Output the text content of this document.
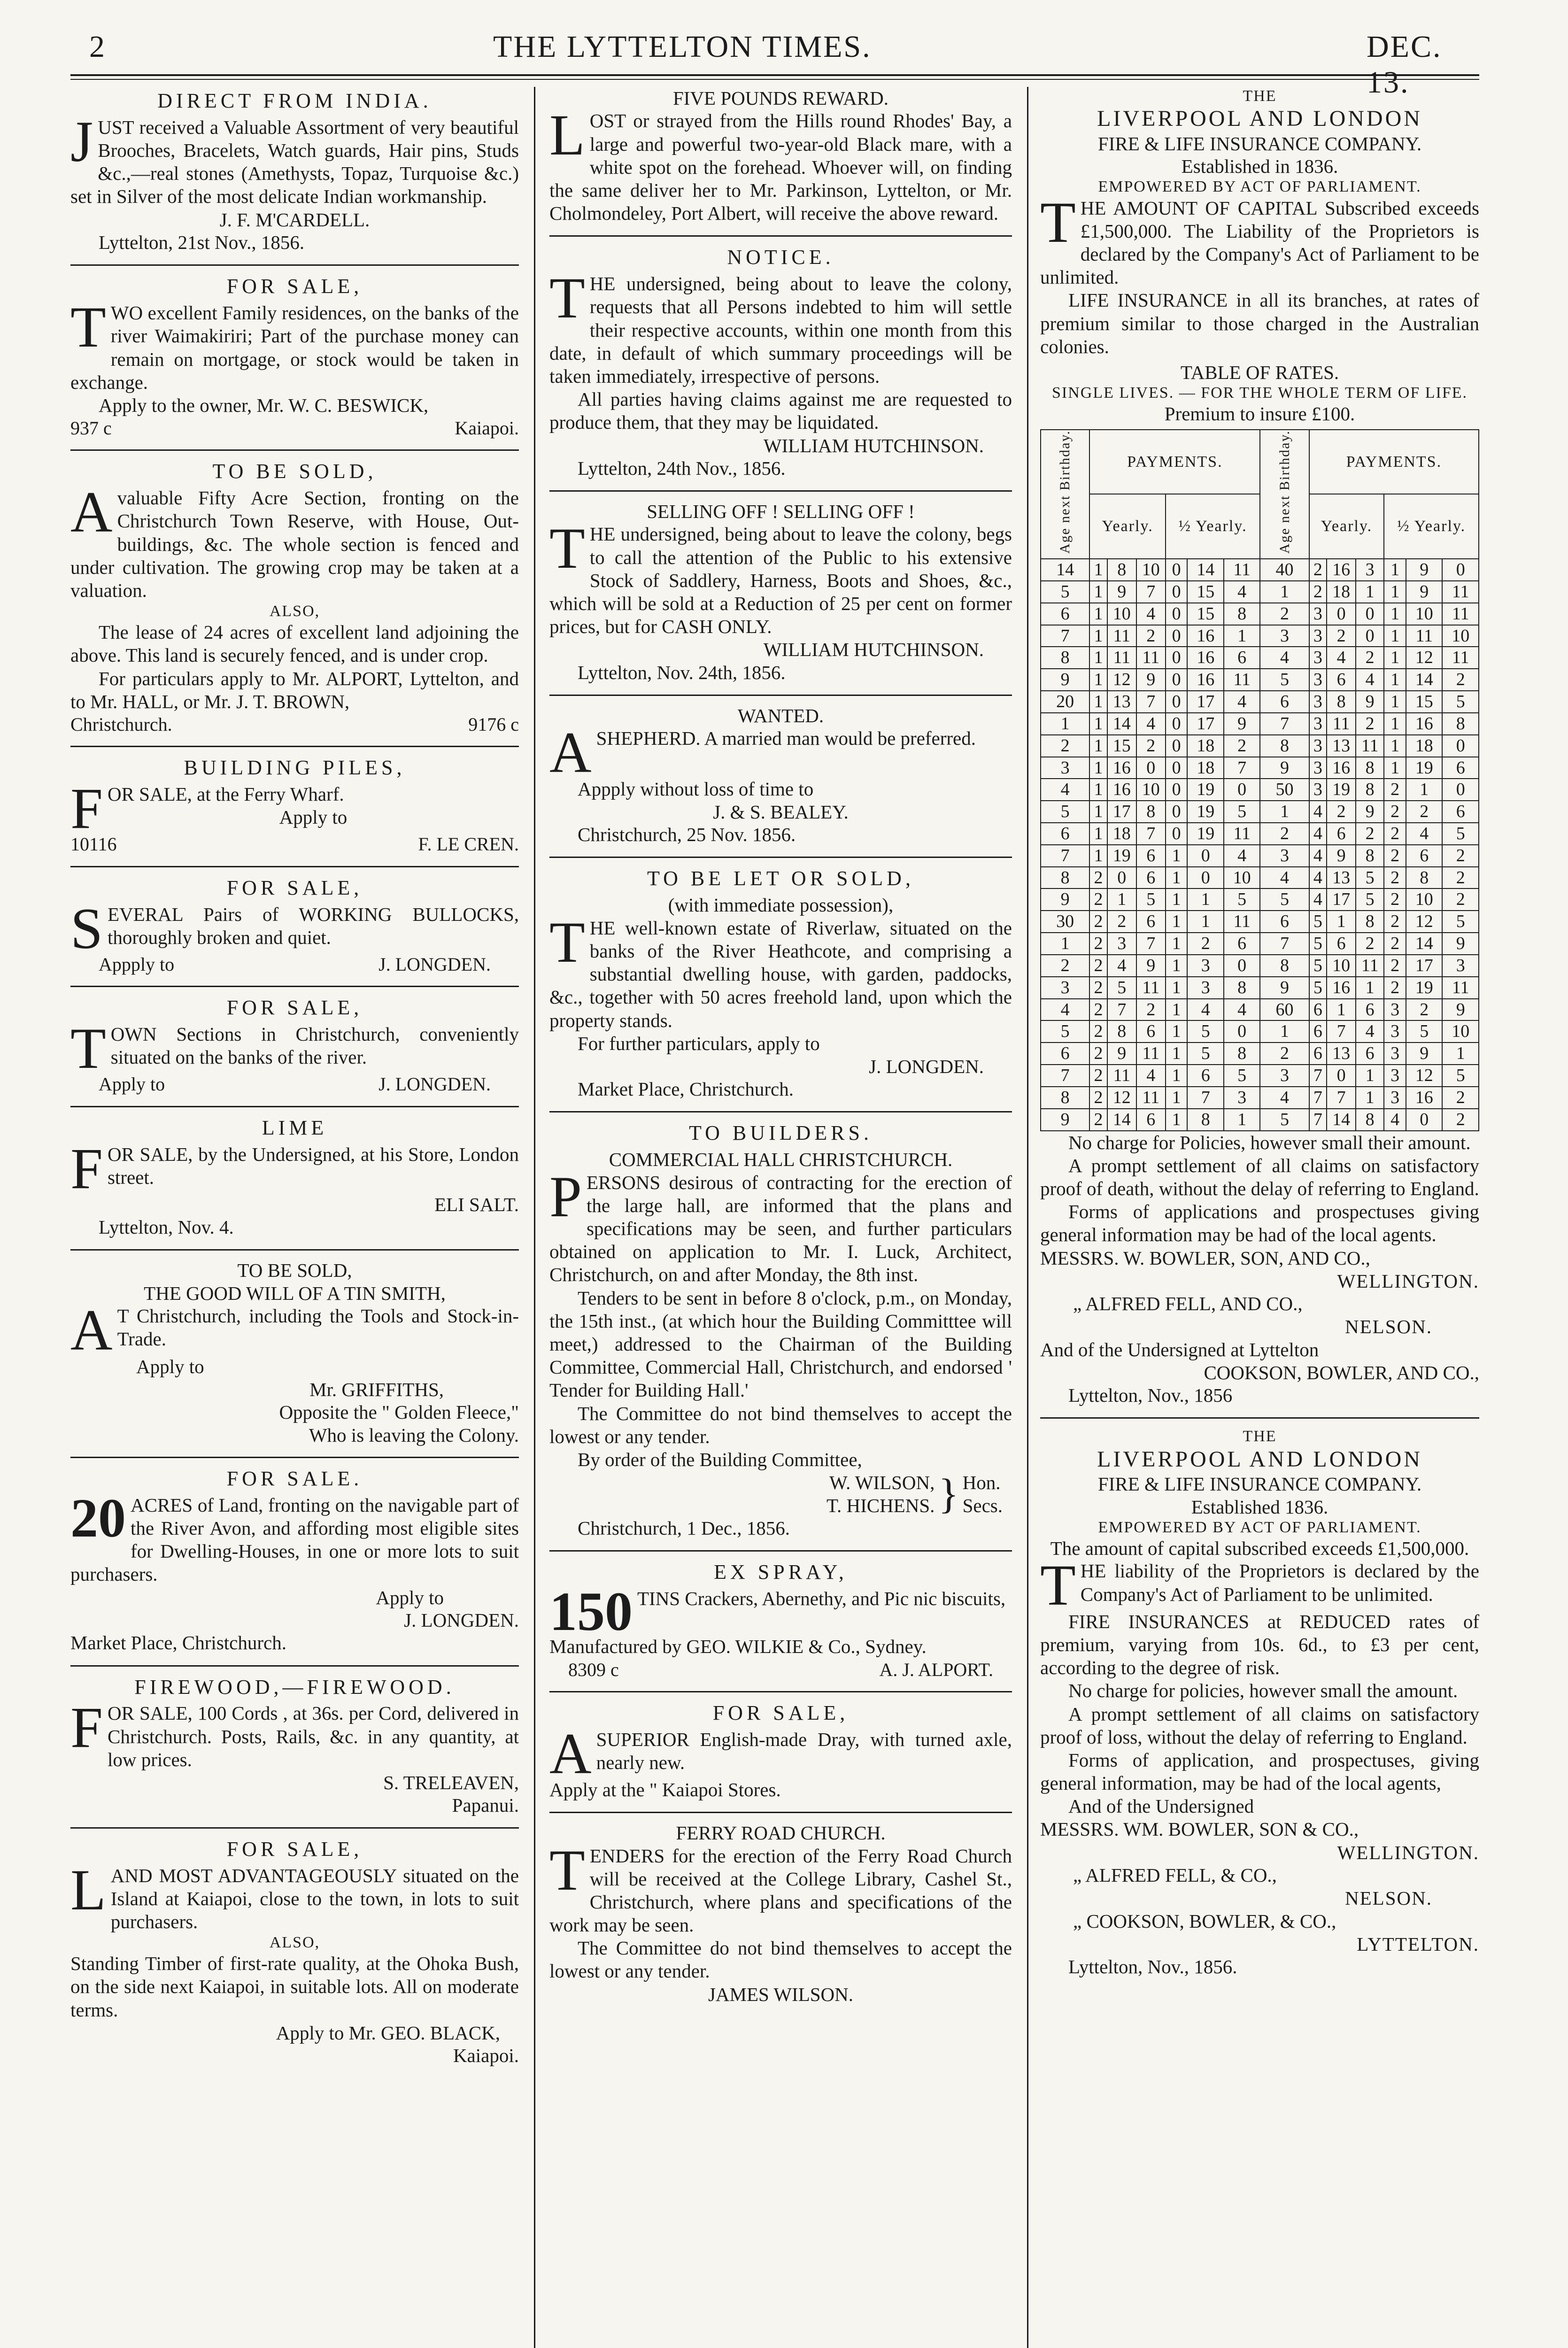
2	THE LYTTELTON TIMES.	DEC. 13.
DIRECT FROM INDIA.

JUST received a Valuable Assortment of very beautiful Brooches, Bracelets, Watch guards, Hair pins, Studs &c.,—real stones (Amethysts, Topaz, Turquoise &c.) set in Silver of the most delicate Indian workmanship.

J. F. M'CARDELL.
Lyttelton, 21st Nov., 1856.
FOR SALE,

TWO excellent Family residences, on the banks of the river Waimakiriri; Part of the purchase money can remain on mortgage, or stock would be taken in exchange.

Apply to the owner, Mr. W. C. BESWICK,
937 c	Kaiapoi.
TO BE SOLD,

Avaluable Fifty Acre Section, fronting on the Christchurch Town Reserve, with House, Out-buildings, &c. The whole section is fenced and under cultivation. The growing crop may be taken at a valuation.

ALSO,

The lease of 24 acres of excellent land adjoining the above. This land is securely fenced, and is under crop.

For particulars apply to Mr. ALPORT, Lyttelton, and to Mr. HALL, or Mr. J. T. BROWN,

Christchurch.	9176 c
BUILDING PILES,

FOR SALE, at the Ferry Wharf.

Apply to
10116	F. LE CREN.
FOR SALE,

SEVERAL Pairs of WORKING BULLOCKS, thoroughly broken and quiet.

Appply to	J. LONGDEN.
FOR SALE,

TOWN Sections in Christchurch, conveniently situated on the banks of the river.

Apply to	J. LONGDEN.
LIME

FOR SALE, by the Undersigned, at his Store, London street.

ELI SALT.
Lyttelton, Nov. 4.
TO BE SOLD,
THE GOOD WILL OF A TIN SMITH,

A T Christchurch, including the Tools and Stock-in-Trade.

Apply to
Mr. GRIFFITHS,
Opposite the " Golden Fleece,"
Who is leaving the Colony.
FOR SALE.

20 ACRES of Land, fronting on the navigable part of the River Avon, and affording most eligible sites for Dwelling-Houses, in one or more lots to suit purchasers.

Apply to
J. LONGDEN.
Market Place, Christchurch.
FIREWOOD,—FIREWOOD.

FOR SALE, 100 Cords , at 36s. per Cord, delivered in Christchurch. Posts, Rails, &c. in any quantity, at low prices.

S. TRELEAVEN,
Papanui.
FOR SALE,

LAND MOST ADVANTAGEOUSLY situated on the Island at Kaiapoi, close to the town, in lots to suit purchasers.

ALSO,

Standing Timber of first-rate quality, at the Ohoka Bush, on the side next Kaiapoi, in suitable lots. All on moderate terms.

Apply to Mr. GEO. BLACK,
Kaiapoi.
FIVE POUNDS REWARD.

LOST or strayed from the Hills round Rhodes' Bay, a large and powerful two-year-old Black mare, with a white spot on the forehead. Whoever will, on finding the same deliver her to Mr. Parkinson, Lyttelton, or Mr. Cholmondeley, Port Albert, will receive the above reward.

NOTICE.

THE undersigned, being about to leave the colony, requests that all Persons indebted to him will settle their respective accounts, within one month from this date, in default of which summary proceedings will be taken immediately, irrespective of persons.

All parties having claims against me are requested to produce them, that they may be liquidated.

WILLIAM HUTCHINSON.
Lyttelton, 24th Nov., 1856.
SELLING OFF ! SELLING OFF !

THE undersigned, being about to leave the colony, begs to call the attention of the Public to his extensive Stock of Saddlery, Harness, Boots and Shoes, &c., which will be sold at a Reduction of 25 per cent on former prices, but for CASH ONLY.

WILLIAM HUTCHINSON.
Lyttelton, Nov. 24th, 1856.
WANTED.

ASHEPHERD. A married man would be preferred.

Appply without loss of time to
J. & S. BEALEY.
Christchurch, 25 Nov. 1856.
TO BE LET OR SOLD,
(with immediate possession),

THE well-known estate of Riverlaw, situated on the banks of the River Heathcote, and comprising a substantial dwelling house, with garden, paddocks, &c., together with 50 acres freehold land, upon which the property stands.

For further particulars, apply to
J. LONGDEN.
Market Place, Christchurch.
TO BUILDERS.
COMMERCIAL HALL CHRISTCHURCH.

PERSONS desirous of contracting for the erection of the large hall, are informed that the plans and specifications may be seen, and further particulars obtained on application to Mr. I. Luck, Architect, Christchurch, on and after Monday, the 8th inst.

Tenders to be sent in before 8 o'clock, p.m., on Monday, the 15th inst., (at which hour the Building Committtee will meet,) addressed to the Chairman of the Building Committee, Commercial Hall, Christchurch, and endorsed ' Tender for Building Hall.'

The Committee do not bind themselves to accept the lowest or any tender.

By order of the Building Committee,

W. WILSON,
T. HICHENS. } Hon.
Secs.
Christchurch, 1 Dec., 1856.
EX SPRAY,

150 TINS Crackers, Abernethy, and Pic nic biscuits,

Manufactured by GEO. WILKIE & Co., Sydney.

8309 c	A. J. ALPORT.
FOR SALE,

ASUPERIOR English-made Dray, with turned axle, nearly new.

Apply at the " Kaiapoi Stores.
FERRY ROAD CHURCH.

TENDERS for the erection of the Ferry Road Church will be received at the College Library, Cashel St., Christchurch, where plans and specifications of the work may be seen.

The Committee do not bind themselves to accept the lowest or any tender.

JAMES WILSON.
THE
LIVERPOOL AND LONDON
FIRE & LIFE INSURANCE COMPANY.
Established in 1836.
EMPOWERED BY ACT OF PARLIAMENT.

THE AMOUNT OF CAPITAL Subscribed exceeds £1,500,000. The Liability of the Proprietors is declared by the Company's Act of Parliament to be unlimited.

LIFE INSURANCE in all its branches, at rates of premium similar to those charged in the Australian colonies.

TABLE OF RATES.
SINGLE LIVES. — FOR THE WHOLE TERM OF LIFE.
Premium to insure £100.
Age next Birthday.	PAYMENTS.						Age next Birthday.	PAYMENTS.					
	Yearly.			½ Yearly.				Yearly.			½ Yearly.		
14	1	8	10	0	14	11	40	2	16	3	1	9	0
5	1	9	7	0	15	4	1	2	18	1	1	9	11
6	1	10	4	0	15	8	2	3	0	0	1	10	11
7	1	11	2	0	16	1	3	3	2	0	1	11	10
8	1	11	11	0	16	6	4	3	4	2	1	12	11
9	1	12	9	0	16	11	5	3	6	4	1	14	2
20	1	13	7	0	17	4	6	3	8	9	1	15	5
1	1	14	4	0	17	9	7	3	11	2	1	16	8
2	1	15	2	0	18	2	8	3	13	11	1	18	0
3	1	16	0	0	18	7	9	3	16	8	1	19	6
4	1	16	10	0	19	0	50	3	19	8	2	1	0
5	1	17	8	0	19	5	1	4	2	9	2	2	6
6	1	18	7	0	19	11	2	4	6	2	2	4	5
7	1	19	6	1	0	4	3	4	9	8	2	6	2
8	2	0	6	1	0	10	4	4	13	5	2	8	2
9	2	1	5	1	1	5	5	4	17	5	2	10	2
30	2	2	6	1	1	11	6	5	1	8	2	12	5
1	2	3	7	1	2	6	7	5	6	2	2	14	9
2	2	4	9	1	3	0	8	5	10	11	2	17	3
3	2	5	11	1	3	8	9	5	16	1	2	19	11
4	2	7	2	1	4	4	60	6	1	6	3	2	9
5	2	8	6	1	5	0	1	6	7	4	3	5	10
6	2	9	11	1	5	8	2	6	13	6	3	9	1
7	2	11	4	1	6	5	3	7	0	1	3	12	5
8	2	12	11	1	7	3	4	7	7	1	3	16	2
9	2	14	6	1	8	1	5	7	14	8	4	0	2

No charge for Policies, however small their amount.

A prompt settlement of all claims on satisfactory proof of death, without the delay of referring to England.

Forms of applications and prospectuses giving general information may be had of the local agents.

MESSRS. W. BOWLER, SON, AND CO.,
WELLINGTON.
„ ALFRED FELL, AND CO.,
NELSON.
And of the Undersigned at Lyttelton
COOKSON, BOWLER, AND CO.,
Lyttelton, Nov., 1856
THE
LIVERPOOL AND LONDON
FIRE & LIFE INSURANCE COMPANY.
Established 1836.
EMPOWERED BY ACT OF PARLIAMENT.
The amount of capital subscribed exceeds £1,500,000.

THE liability of the Proprietors is declared by the Company's Act of Parliament to be unlimited.

FIRE INSURANCES at REDUCED rates of premium, varying from 10s. 6d., to £3 per cent, according to the degree of risk.

No charge for policies, however small the amount.

A prompt settlement of all claims on satisfactory proof of loss, without the delay of referring to England.

Forms of application, and prospectuses, giving general information, may be had of the local agents,

And of the Undersigned

MESSRS. WM. BOWLER, SON & CO.,
WELLINGTON.
„ ALFRED FELL, & CO.,
NELSON.
„ COOKSON, BOWLER, & CO.,
LYTTELTON.
Lyttelton, Nov., 1856.
